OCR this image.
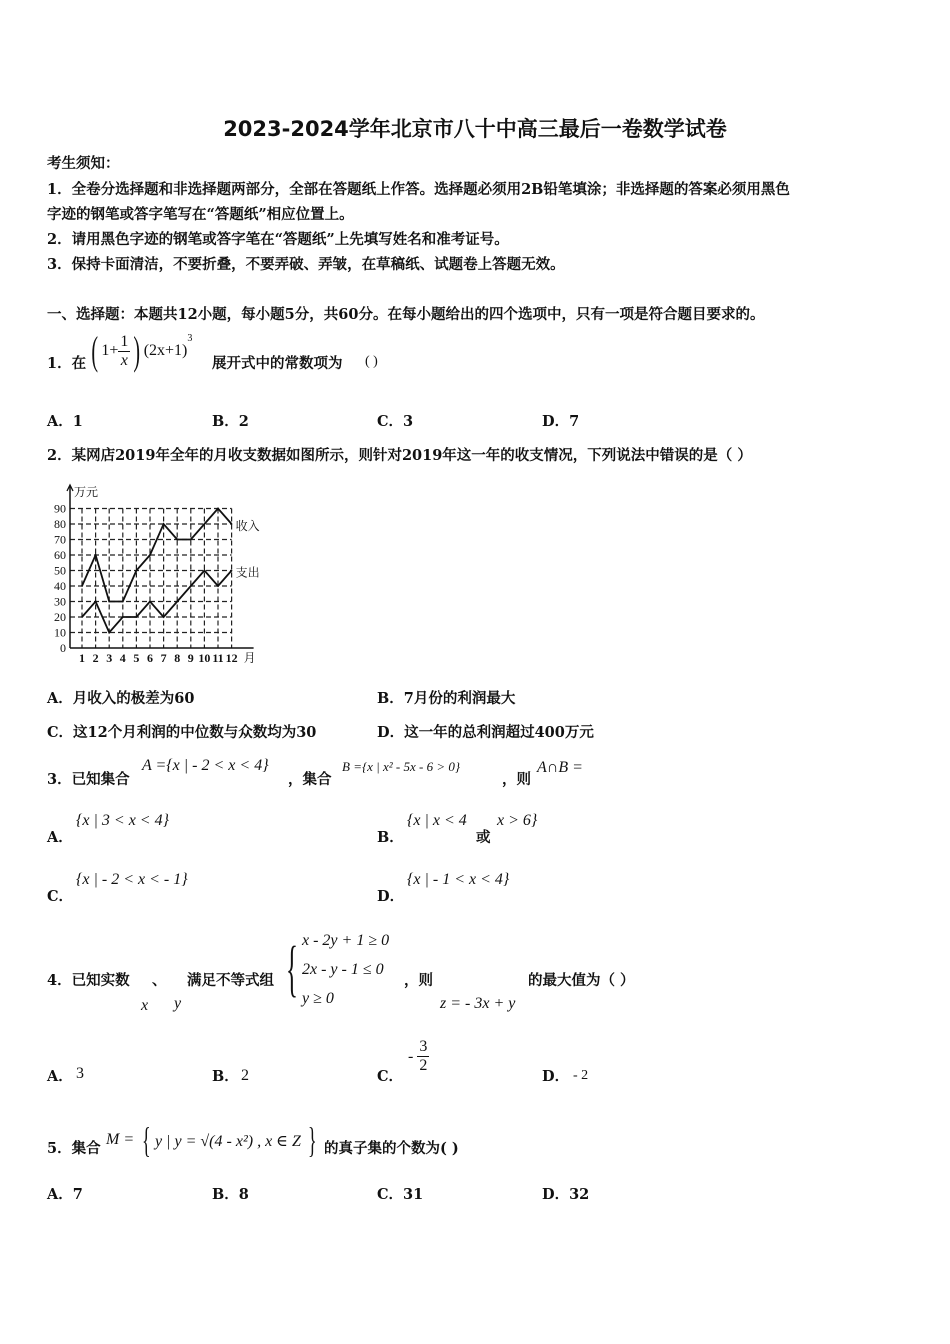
2023-2024学年北京市八十中高三最后一卷数学试卷
考生须知：
1．全卷分选择题和非选择题两部分，全部在答题纸上作答。选择题必须用2B铅笔填涂；非选择题的答案必须用黑色
字迹的钢笔或答字笔写在“答题纸”相应位置上。
2．请用黑色字迹的钢笔或答字笔在“答题纸”上先填写姓名和准考证号。
3．保持卡面清洁，不要折叠，不要弄破、弄皱，在草稿纸、试题卷上答题无效。
一、选择题：本题共12小题，每小题5分，共60分。在每小题给出的四个选项中，只有一项是符合题目要求的。
1．在 ( $1+ \frac{1}{x}$ ) (2x+1)
3
展开式中的常数项为 ( )
A．1	B．2	C．3	D．7
2．某网店2019年全年的月收支数据如图所示，则针对2019年这一年的收支情况，下列说法中错误的是（ ）
0
10
20
30
40
50
60
70
80
90
1 2 3 4 5 6 7 8 9 10 11 12
万元
月
收入
支出
A．月收入的极差为60	B．7月份的利润最大
C．这12个月利润的中位数与众数均为30	D．这一年的总利润超过400万元
3．已知集合
A ={x | - 2 < x < 4}
，集合
B ={x | x² - 5x - 6 > 0}
，则
A∩B =
A．
{x | 3 < x < 4}
B．
{x | x < 4
或
x > 6}
C．
{x | - 2 < x < - 1}
D．
{x | - 1 < x < 4}
4．已知实数 、 满足不等式组
x y
{ x - 2y + 1 ≥ 0
2x - y - 1 ≤ 0
y ≥ 0
，则
z = - 3x + y
的最大值为（ ）
A． 3	B． 2	C．
- $\frac{3}{2}$
D． - 2
5．集合
M = { y | y = √(4 - x²) , x ∈ Z } 的真子集的个数为( )
A．7	B．8	C．31	D．32
